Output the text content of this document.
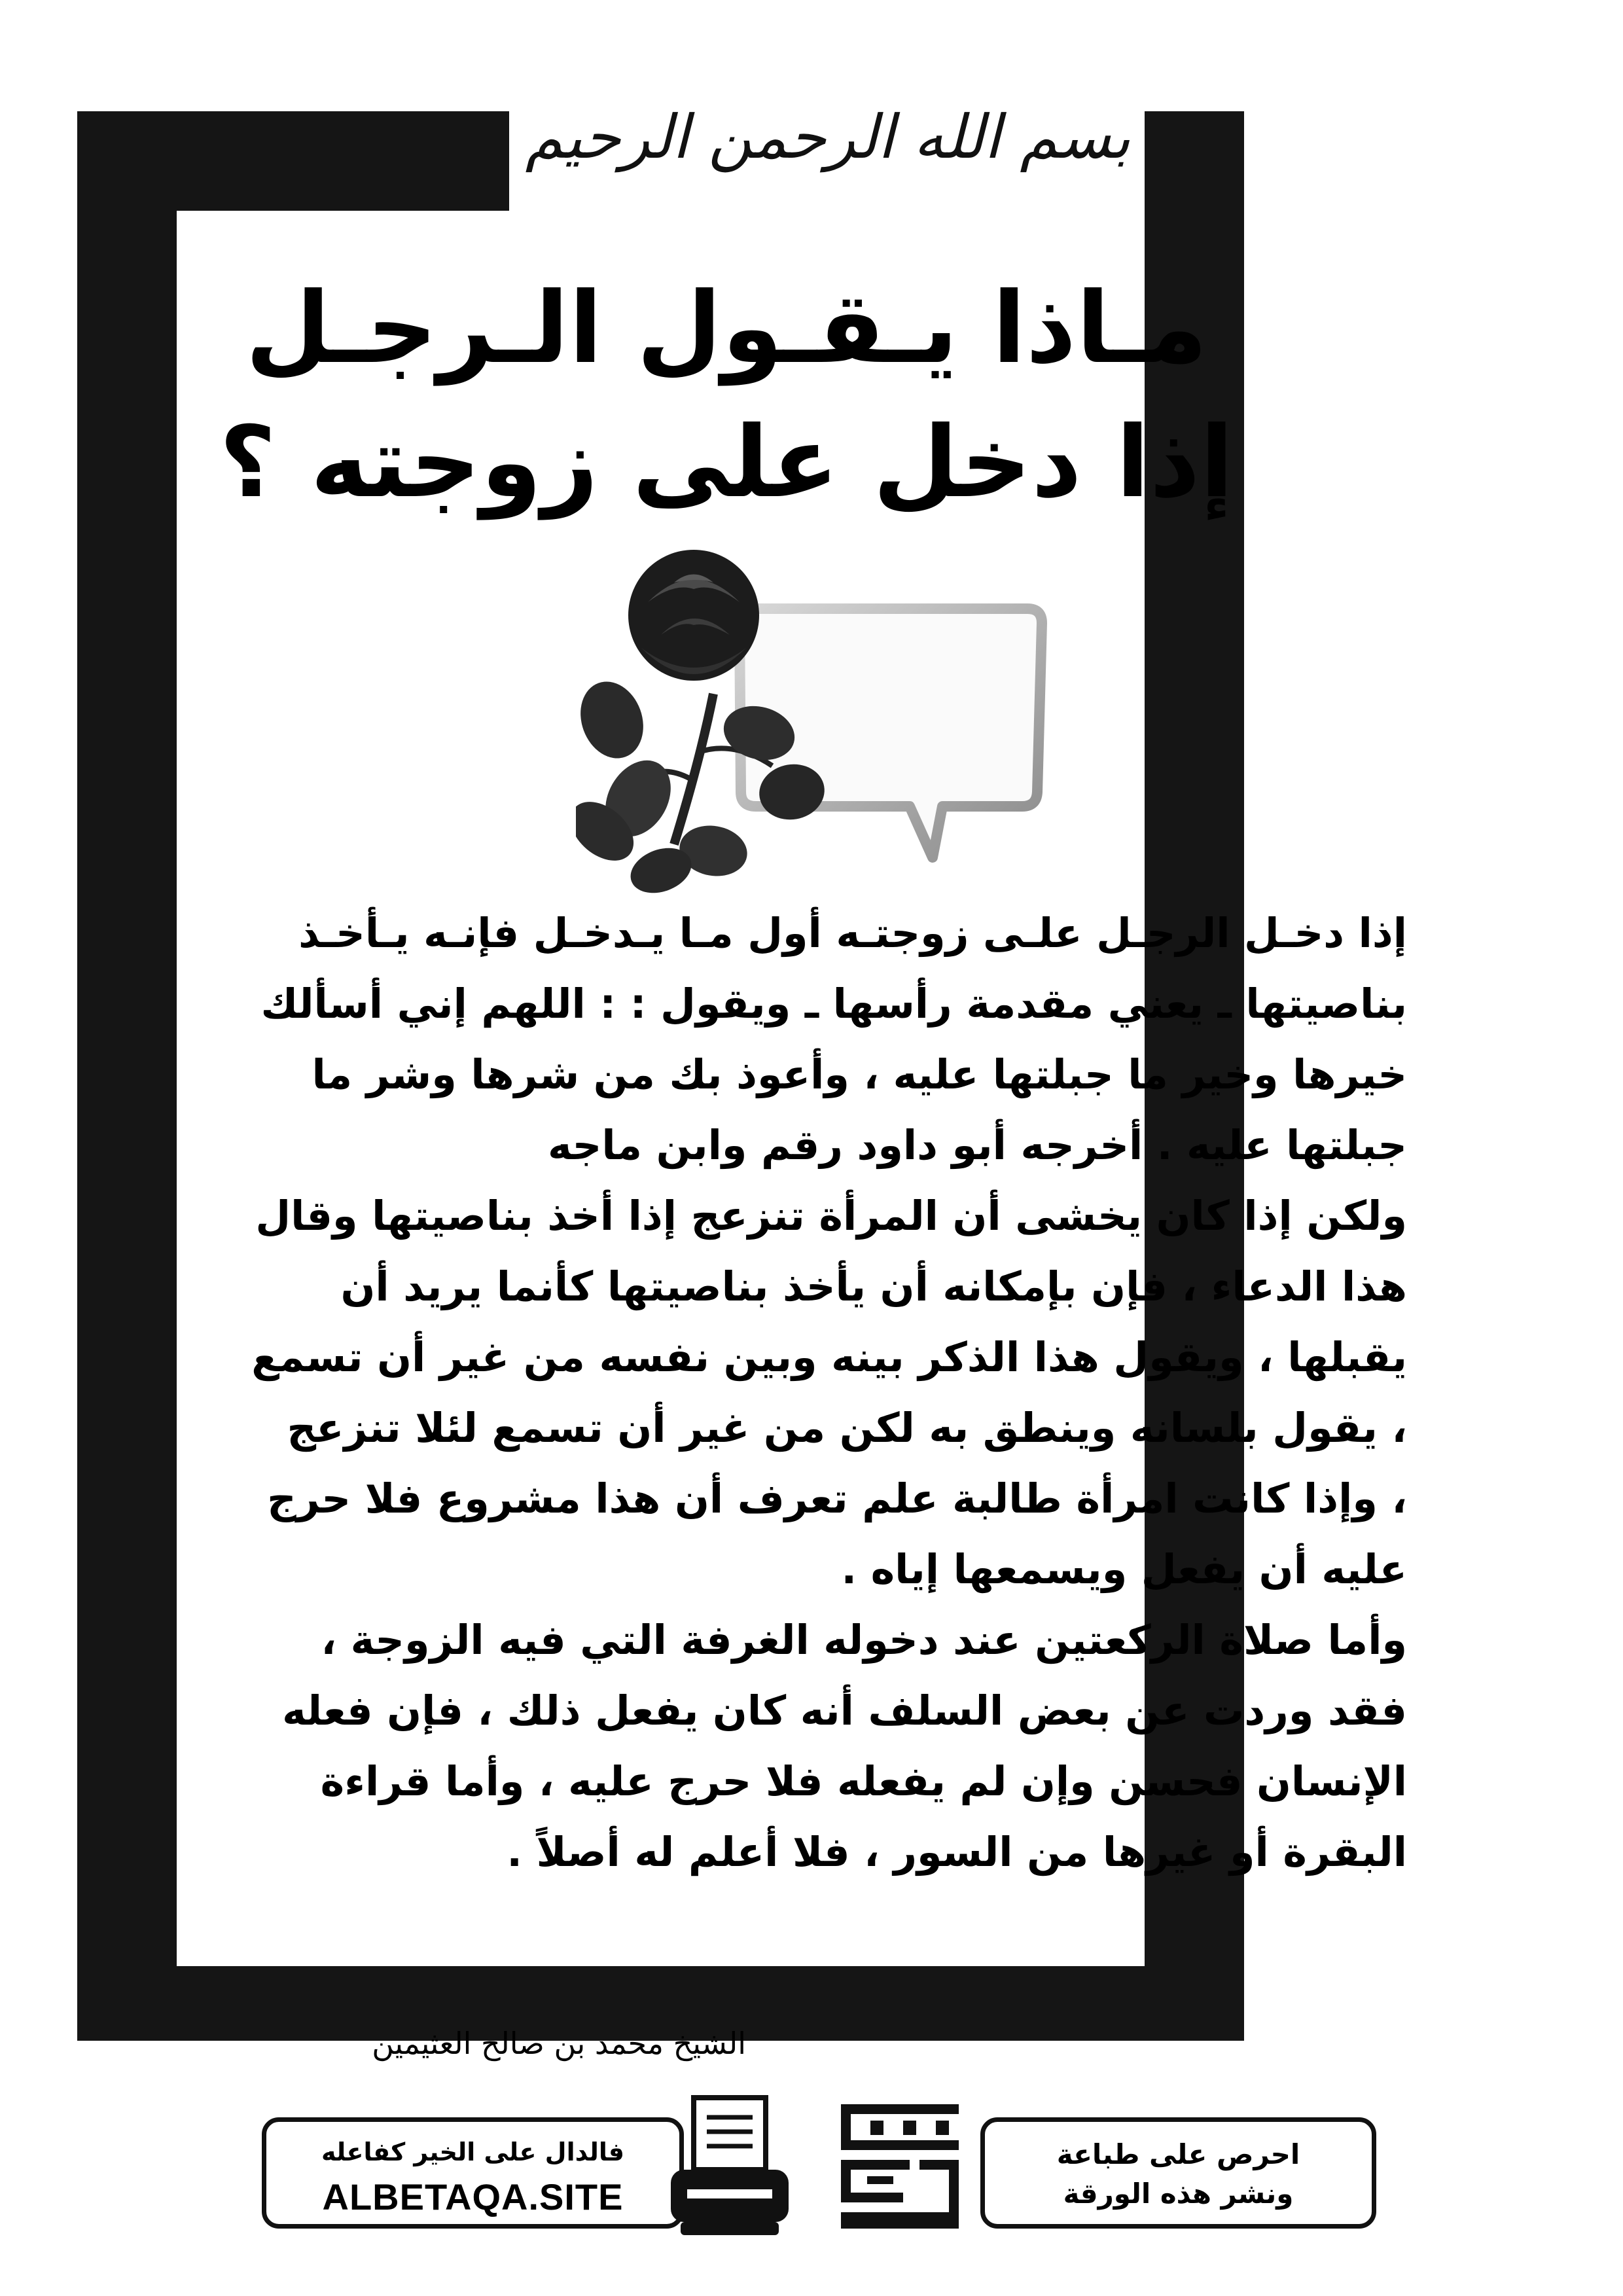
بسم الله الرحمن الرحيم
مـاذا يـقـول الـرجـل
إذا دخل على زوجته ؟
إذا دخـل الرجـل علـى زوجتـه أول مـا يـدخـل فإنـه يـأخـذ
بناصيتها ـ يعني مقدمة رأسها ـ ويقول : : اللهم إني أسألك
خيرها وخير ما جبلتها عليه ، وأعوذ بك من شرها وشر ما
جبلتها عليه . أخرجه أبو داود رقم وابن ماجه
ولكن إذا كان يخشى أن المرأة تنزعج إذا أخذ بناصيتها وقال
هذا الدعاء ، فإن بإمكانه أن يأخذ بناصيتها كأنما يريد أن
يقبلها ، ويقول هذا الذكر بينه وبين نفسه من غير أن تسمع
، يقول بلسانه وينطق به لكن من غير أن تسمع لئلا تنزعج
، وإذا كانت امرأة طالبة علم تعرف أن هذا مشروع فلا حرج
عليه أن يفعل ويسمعها إياه .
وأما صلاة الركعتين عند دخوله الغرفة التي فيه الزوجة ،
فقد وردت عن بعض السلف أنه كان يفعل ذلك ، فإن فعله
الإنسان فحسن وإن لم يفعله فلا حرج عليه ، وأما قراءة
البقرة أو غيرها من السور ، فلا أعلم له أصلاً .
الشيخ محمد بن صالح العثيمين
فالدال على الخير كفاعله
ALBETAQA.SITE
دعوة الورقة
احرص على طباعة
ونشر هذه الورقة
